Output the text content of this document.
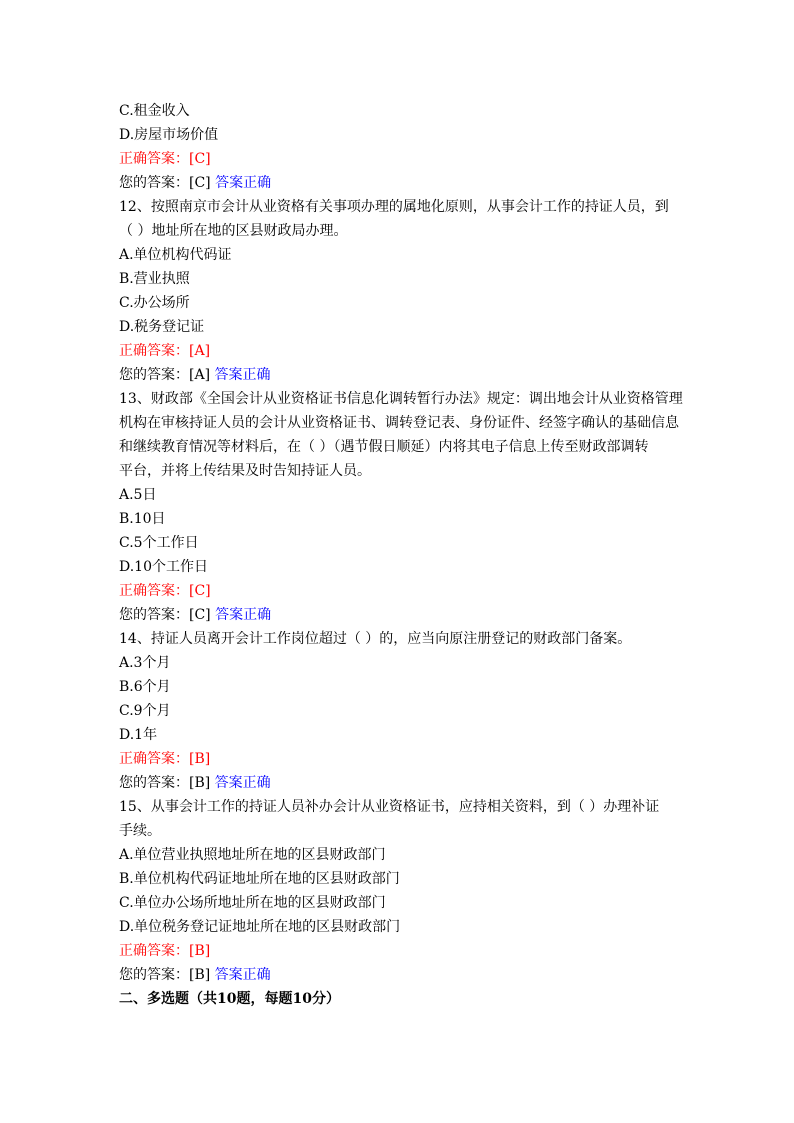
C.租金收入
D.房屋市场价值
正确答案：[C]
您的答案：[C] 答案正确
12、按照南京市会计从业资格有关事项办理的属地化原则，从事会计工作的持证人员，到
（ ）地址所在地的区县财政局办理。
A.单位机构代码证
B.营业执照
C.办公场所
D.税务登记证
正确答案：[A]
您的答案：[A] 答案正确
13、财政部《全国会计从业资格证书信息化调转暂行办法》规定：调出地会计从业资格管理
机构在审核持证人员的会计从业资格证书、调转登记表、身份证件、经签字确认的基础信息
和继续教育情况等材料后，在（ ）（遇节假日顺延）内将其电子信息上传至财政部调转
平台，并将上传结果及时告知持证人员。
A.5日
B.10日
C.5个工作日
D.10个工作日
正确答案：[C]
您的答案：[C] 答案正确
14、持证人员离开会计工作岗位超过（ ）的，应当向原注册登记的财政部门备案。
A.3个月
B.6个月
C.9个月
D.1年
正确答案：[B]
您的答案：[B] 答案正确
15、从事会计工作的持证人员补办会计从业资格证书，应持相关资料，到（ ）办理补证
手续。
A.单位营业执照地址所在地的区县财政部门
B.单位机构代码证地址所在地的区县财政部门
C.单位办公场所地址所在地的区县财政部门
D.单位税务登记证地址所在地的区县财政部门
正确答案：[B]
您的答案：[B] 答案正确
二、多选题（共10题，每题10分）
